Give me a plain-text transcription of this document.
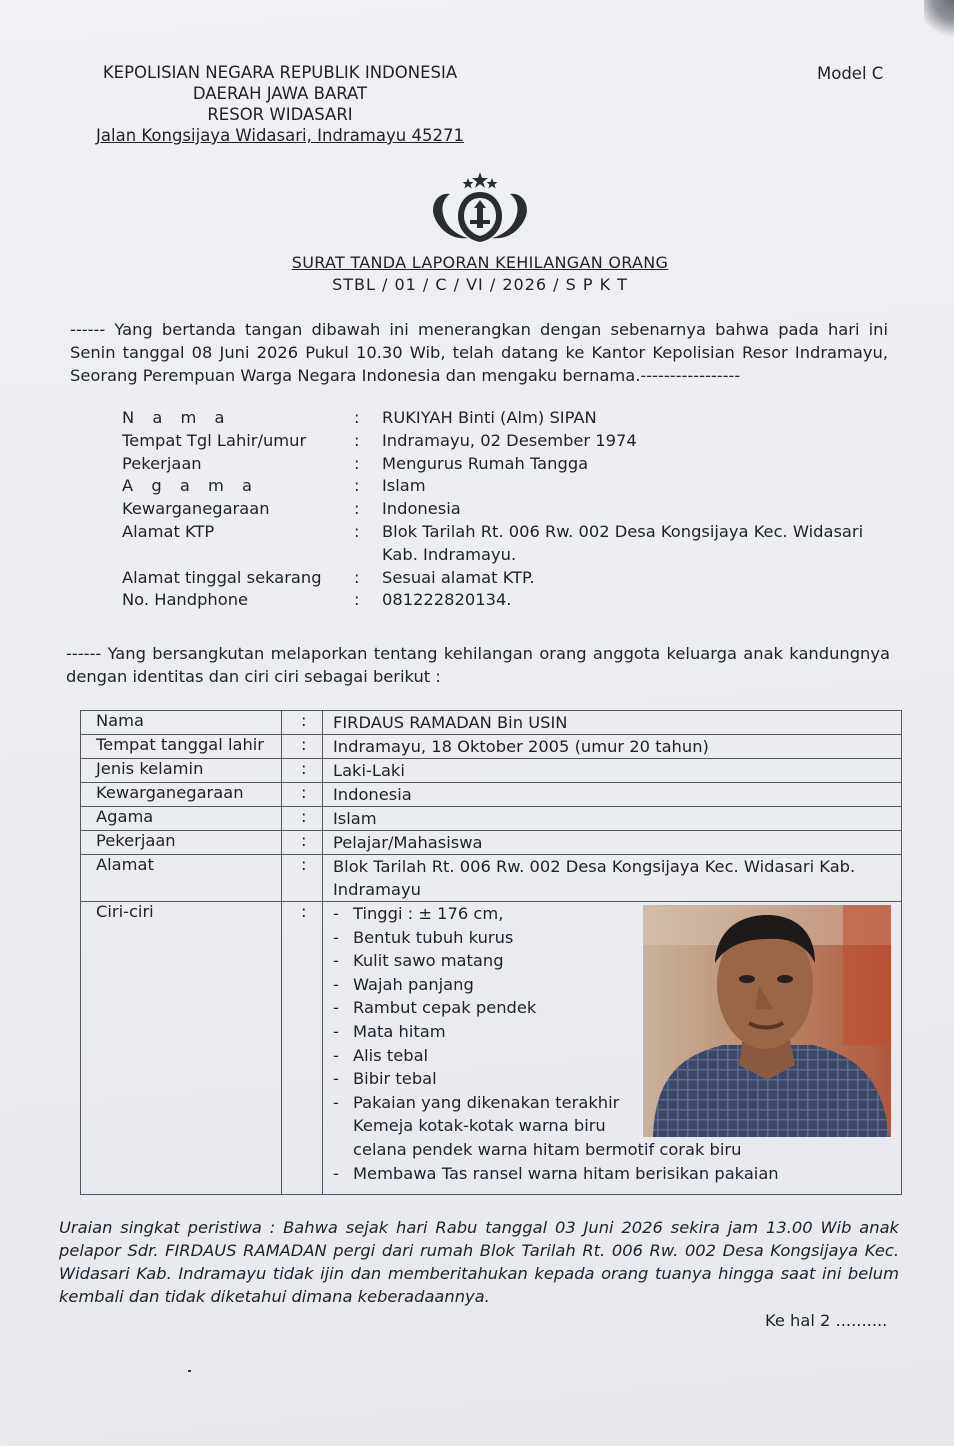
KEPOLISIAN NEGARA REPUBLIK INDONESIA
DAERAH JAWA BARAT
RESOR WIDASARI
Jalan Kongsijaya Widasari, Indramayu 45271
Model C
SURAT TANDA LAPORAN KEHILANGAN ORANG
STBL / 01 / C / VI / 2026 / S P K T
------ Yang bertanda tangan dibawah ini menerangkan dengan sebenarnya bahwa pada hari ini Senin tanggal 08 Juni 2026 Pukul 10.30 Wib, telah datang ke Kantor Kepolisian Resor Indramayu, Seorang Perempuan Warga Negara Indonesia dan mengaku bernama.-----------------
N a m a	:	RUKIYAH Binti (Alm) SIPAN
Tempat Tgl Lahir/umur	:	Indramayu, 02 Desember 1974
Pekerjaan	:	Mengurus Rumah Tangga
A g a m a	:	Islam
Kewarganegaraan	:	Indonesia
Alamat KTP	:	Blok Tarilah Rt. 006 Rw. 002 Desa Kongsijaya Kec. Widasari Kab. Indramayu.
Alamat tinggal sekarang	:	Sesuai alamat KTP.
No. Handphone	:	081222820134.
------ Yang bersangkutan melaporkan tentang kehilangan orang anggota keluarga anak kandungnya dengan identitas dan ciri ciri sebagai berikut :
Nama	: FIRDAUS RAMADAN Bin USIN
Tempat tanggal lahir : Indramayu, 18 Oktober 2005 (umur 20 tahun)
Jenis kelamin	: Laki-Laki
Kewarganegaraan	: Indonesia
Agama	: Islam
Pekerjaan	: Pelajar/Mahasiswa
Alamat	: Blok Tarilah Rt. 006 Rw. 002 Desa Kongsijaya Kec. Widasari Kab. Indramayu
Ciri-ciri	: - Tinggi : ± 176 cm,
- Bentuk tubuh kurus
- Kulit sawo matang
- Wajah panjang
- Rambut cepak pendek
- Mata hitam
- Alis tebal
- Bibir tebal
- Pakaian yang dikenakan terakhir
Kemeja kotak-kotak warna biru
celana pendek warna hitam bermotif corak biru
- Membawa Tas ransel warna hitam berisikan pakaian
Uraian singkat peristiwa : Bahwa sejak hari Rabu tanggal 03 Juni 2026 sekira jam 13.00 Wib anak pelapor Sdr. FIRDAUS RAMADAN pergi dari rumah Blok Tarilah Rt. 006 Rw. 002 Desa Kongsijaya Kec. Widasari Kab. Indramayu tidak ijin dan memberitahukan kepada orang tuanya hingga saat ini belum kembali dan tidak diketahui dimana keberadaannya.
Ke hal 2 ..........
